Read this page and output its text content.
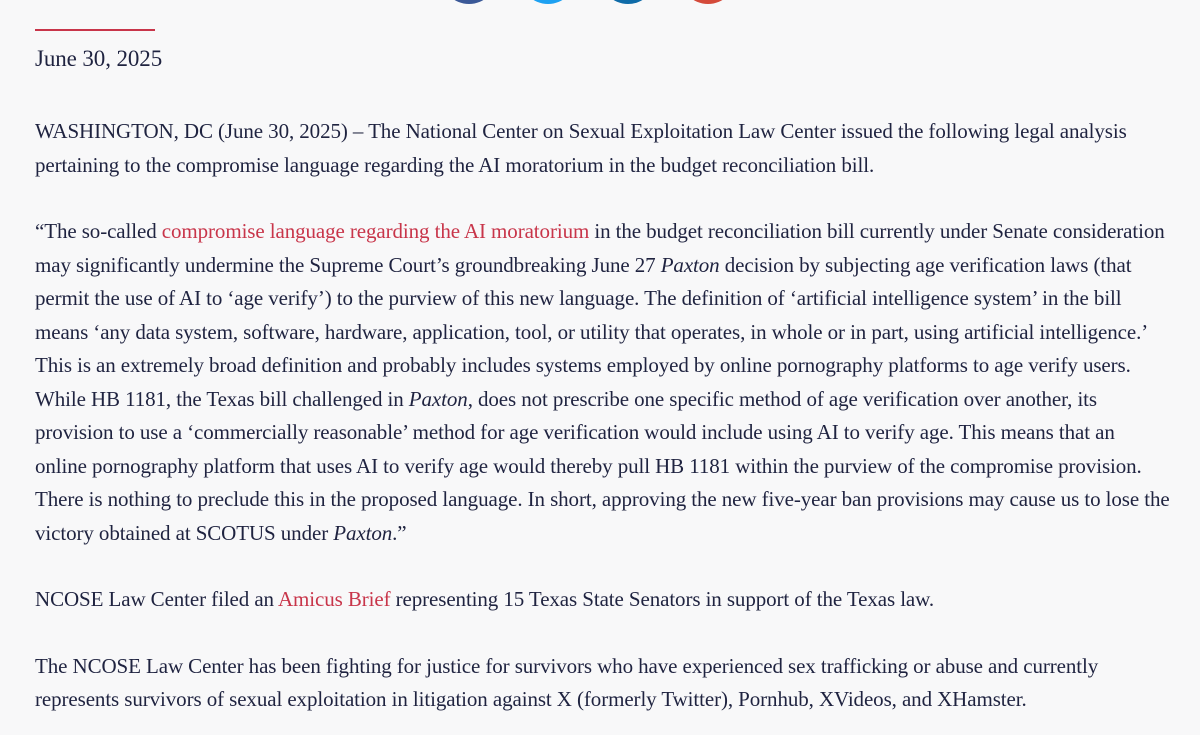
June 30, 2025

WASHINGTON, DC (June 30, 2025) – The National Center on Sexual Exploitation Law Center issued the following legal analysis pertaining to the compromise language regarding the AI moratorium in the budget reconciliation bill.

“The so-called compromise language regarding the AI moratorium in the budget reconciliation bill currently under Senate consideration may significantly undermine the Supreme Court’s groundbreaking June 27 Paxton decision by subjecting age verification laws (that permit the use of AI to ‘age verify’) to the purview of this new language. The definition of ‘artificial intelligence system’ in the bill means ‘any data system, software, hardware, application, tool, or utility that operates, in whole or in part, using artificial intelligence.’ This is an extremely broad definition and probably includes systems employed by online pornography platforms to age verify users. While HB 1181, the Texas bill challenged in Paxton, does not prescribe one specific method of age verification over another, its provision to use a ‘commercially reasonable’ method for age verification would include using AI to verify age. This means that an online pornography platform that uses AI to verify age would thereby pull HB 1181 within the purview of the compromise provision. There is nothing to preclude this in the proposed language. In short, approving the new five-year ban provisions may cause us to lose the victory obtained at SCOTUS under Paxton.”

NCOSE Law Center filed an Amicus Brief representing 15 Texas State Senators in support of the Texas law.

The NCOSE Law Center has been fighting for justice for survivors who have experienced sex trafficking or abuse and currently represents survivors of sexual exploitation in litigation against X (formerly Twitter), Pornhub, XVideos, and XHamster.
